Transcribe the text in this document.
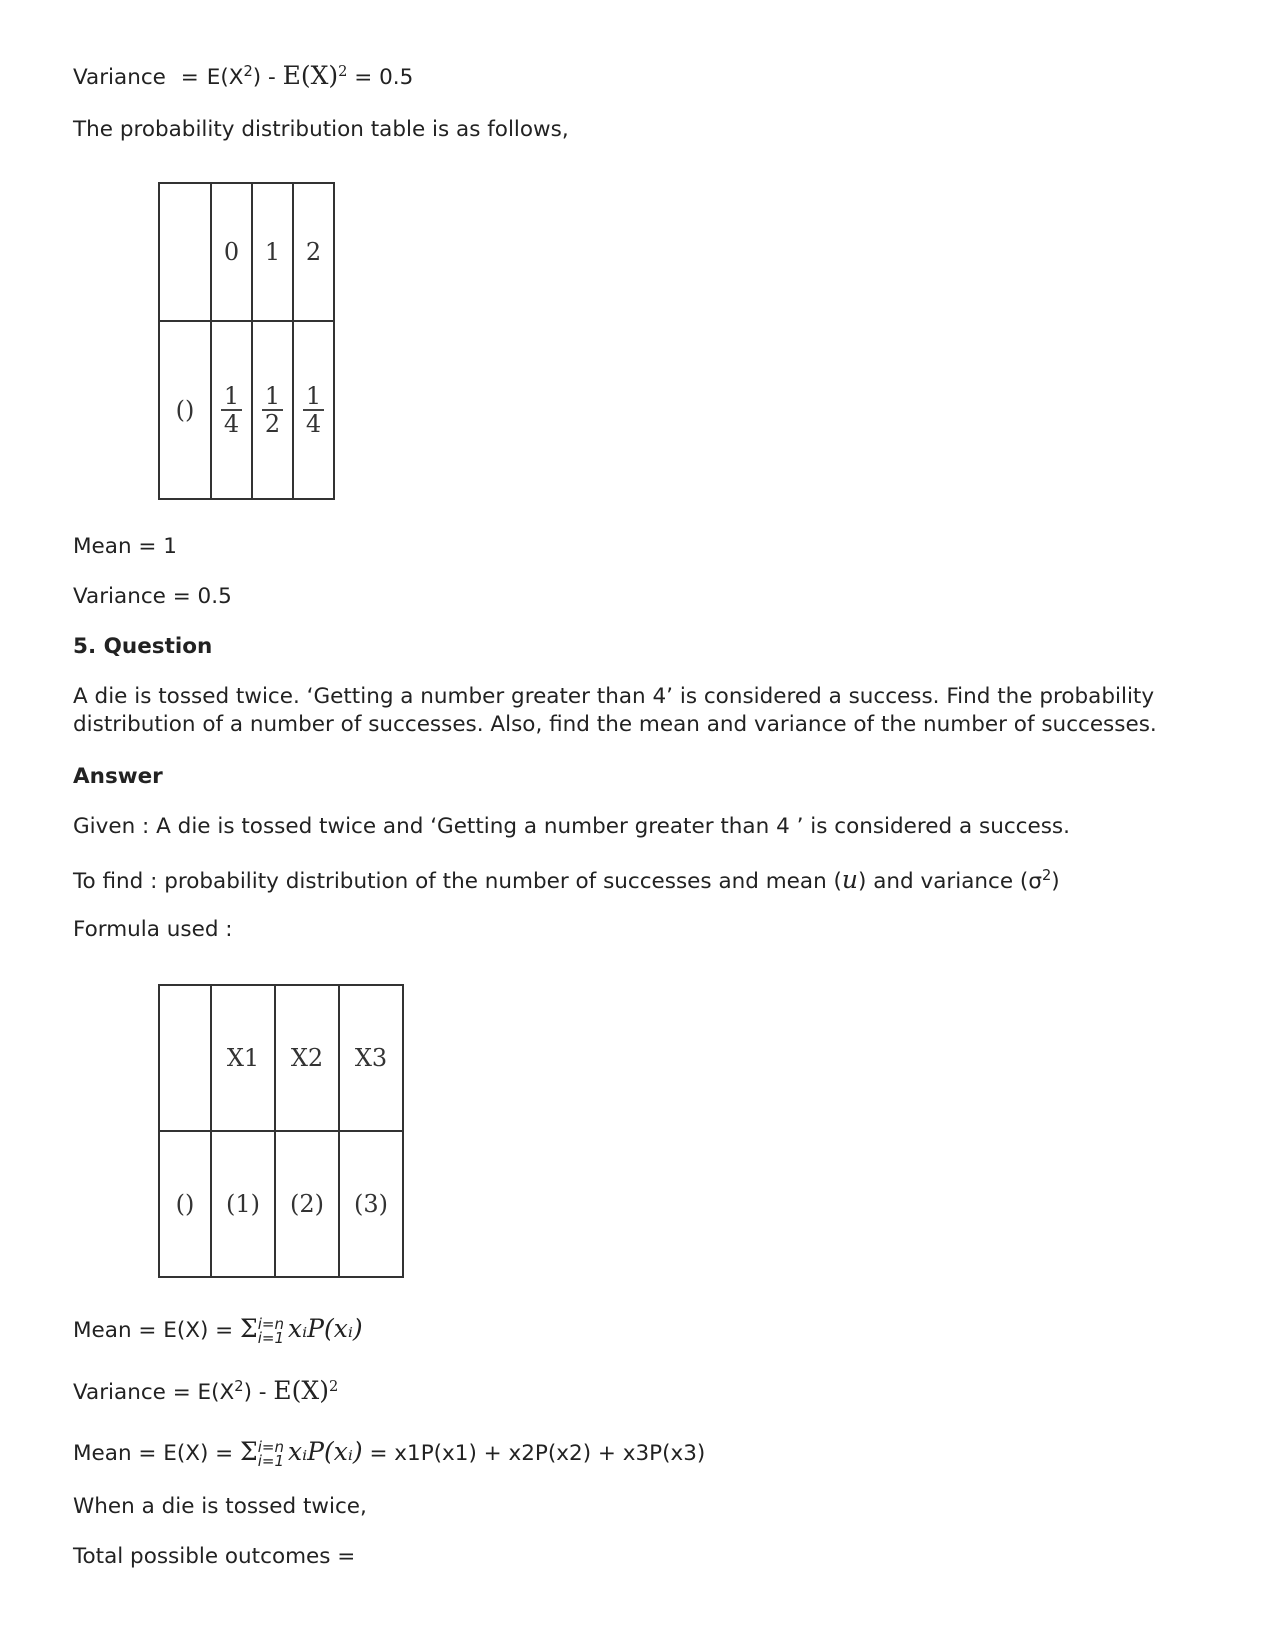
Variance = $E(X^2) - E(X)^2 = 0.5$
The probability distribution table is as follows,
	0	1	2
()	$\frac{1}{4}$	$\frac{1}{2}$	$\frac{1}{4}$
Mean = 1
Variance = 0.5
5. Question
A die is tossed twice. ‘Getting a number greater than 4’ is considered a success. Find the probability distribution of a number of successes. Also, find the mean and variance of the number of successes.
Answer
Given : A die is tossed twice and ‘Getting a number greater than 4 ’ is considered a success.
To find : probability distribution of the number of successes and mean (u) and variance $(\sigma^2)$
Formula used :
	X1	X2	X3
()	(1)	(2)	(3)
Mean = E(X) = Σ i=n
i=1 xᵢP(xᵢ)
Variance = $E(X^2) - E(X)^2$
Mean = E(X) = Σ i=n
i=1 xᵢP(xᵢ) = x1P(x1) + x2P(x2) + x3P(x3)
When a die is tossed twice,
Total possible outcomes =
